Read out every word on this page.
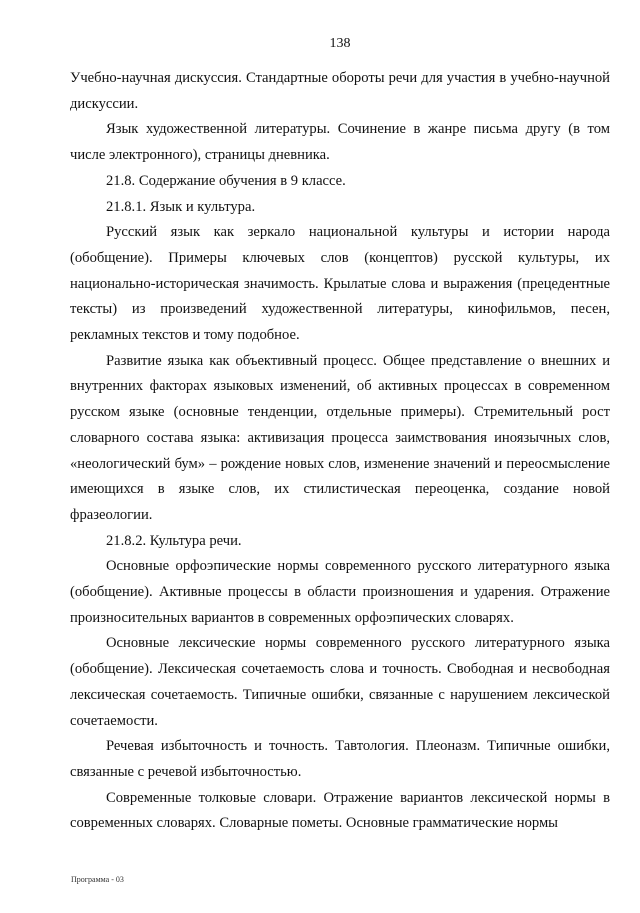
138

Учебно-научная дискуссия. Стандартные обороты речи для участия в учебно-научной дискуссии.

Язык художественной литературы. Сочинение в жанре письма другу (в том числе электронного), страницы дневника.

21.8. Содержание обучения в 9 классе.

21.8.1. Язык и культура.

Русский язык как зеркало национальной культуры и истории народа (обобщение). Примеры ключевых слов (концептов) русской культуры, их национально-историческая значимость. Крылатые слова и выражения (прецедентные тексты) из произведений художественной литературы, кинофильмов, песен, рекламных текстов и тому подобное.

Развитие языка как объективный процесс. Общее представление о внешних и внутренних факторах языковых изменений, об активных процессах в современном русском языке (основные тенденции, отдельные примеры). Стремительный рост словарного состава языка: активизация процесса заимствования иноязычных слов, «неологический бум» – рождение новых слов, изменение значений и переосмысление имеющихся в языке слов, их стилистическая переоценка, создание новой фразеологии.

21.8.2. Культура речи.

Основные орфоэпические нормы современного русского литературного языка (обобщение). Активные процессы в области произношения и ударения. Отражение произносительных вариантов в современных орфоэпических словарях.

Основные лексические нормы современного русского литературного языка (обобщение). Лексическая сочетаемость слова и точность. Свободная и несвободная лексическая сочетаемость. Типичные ошибки, связанные с нарушением лексической сочетаемости.

Речевая избыточность и точность. Тавтология. Плеоназм. Типичные ошибки, связанные с речевой избыточностью.

Современные толковые словари. Отражение вариантов лексической нормы в современных словарях. Словарные пометы. Основные грамматические нормы

Программа - 03
